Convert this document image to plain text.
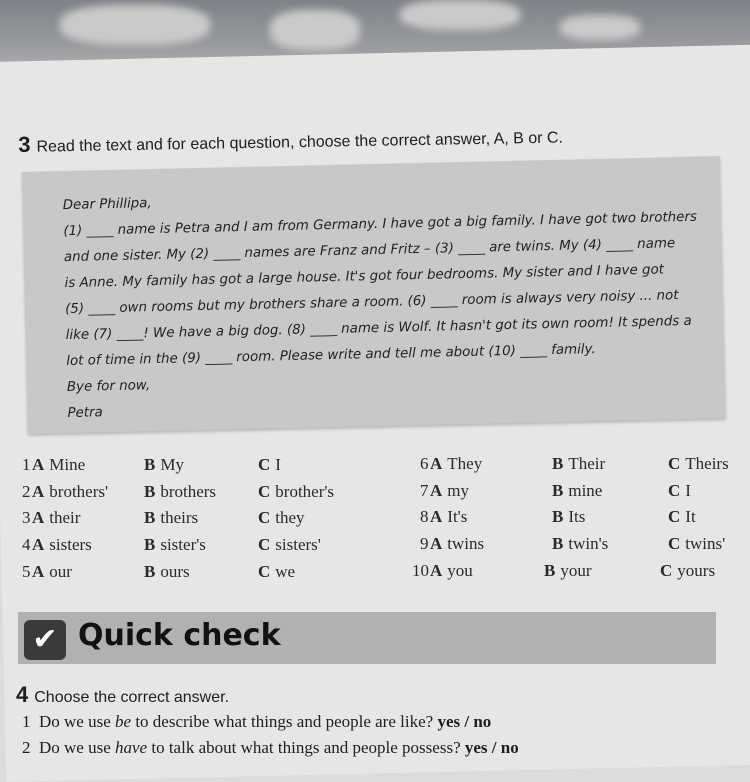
3 Read the text and for each question, choose the correct answer, A, B or C.
Dear Phillipa,
(1) ____ name is Petra and I am from Germany. I have got a big family. I have got two brothers
and one sister. My (2) ____ names are Franz and Fritz – (3) ____ are twins. My (4) ____ name
is Anne. My family has got a large house. It's got four bedrooms. My sister and I have got
(5) ____ own rooms but my brothers share a room. (6) ____ room is always very noisy ... not
like (7) ____! We have a big dog. (8) ____ name is Wolf. It hasn't got its own room! It spends a
lot of time in the (9) ____ room. Please write and tell me about (10) ____ family.
Bye for now,
Petra
1 A Mine	B My	C I
2 A brothers' B brothers C brother's
3 A their	B theirs	C they
4 A sisters	B sister's	C sisters'
5 A our	B ours	C we
6 A They	B Their	C Theirs
7 A my	B mine	C I
8 A It's	B Its	C It
9 A twins	B twin's	C twins'
10 A you	B your	C yours
✔ Quick check
4 Choose the correct answer.
1 Do we use be to describe what things and people are like? yes / no
2 Do we use have to talk about what things and people possess? yes / no
